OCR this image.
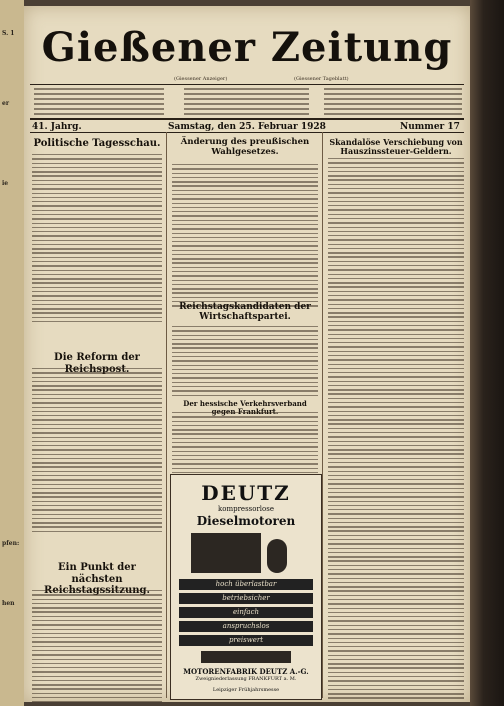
S. 1
er
ie
pfen:
hen
Gießener Zeitung
(Giessener Anzeiger)	(Giessener Tageblatt)
41. Jahrg.	Samstag, den 25. Februar 1928	Nummer 17
Politische Tagesschau.
Die Reform der
Ein Punkt der nächsten
Änderung des preußischen Wahlgesetzes.
Reichstagskandidaten der Wirtschaftspartei.
Der hessische Verkehrsverband
DEUTZ
kompressorlose
Dieselmotoren
hoch überlastbar
betriebsicher
einfach
anspruchslos
preiswert
MOTORENFABRIK DEUTZ A.-G.
Zweigniederlassung FRANKFURT a. M.
Leipziger Frühjahrsmesse
Skandalöse Verschiebung von Hauszinssteuer-Geldern.
